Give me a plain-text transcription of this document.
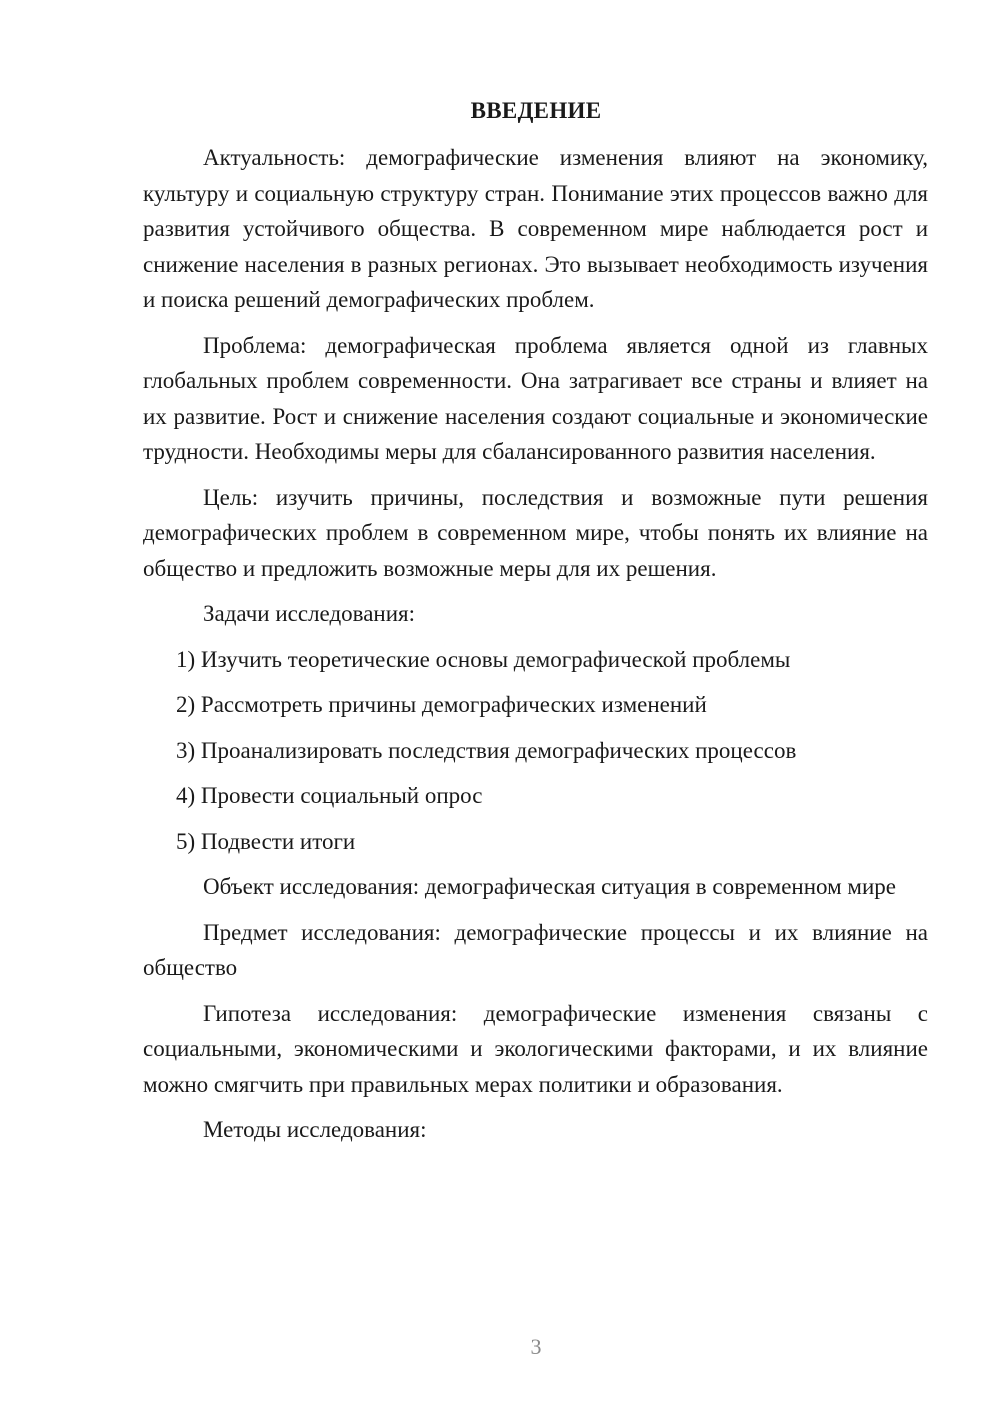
ВВЕДЕНИЕ

Актуальность: демографические изменения влияют на экономику, культуру и социальную структуру стран. Понимание этих процессов важно для развития устойчивого общества. В современном мире наблюдается рост и снижение населения в разных регионах. Это вызывает необходимость изучения и поиска решений демографических проблем.

Проблема: демографическая проблема является одной из главных глобальных проблем современности. Она затрагивает все страны и влияет на их развитие. Рост и снижение населения создают социальные и экономические трудности. Необходимы меры для сбалансированного развития населения.

Цель: изучить причины, последствия и возможные пути решения демографических проблем в современном мире, чтобы понять их влияние на общество и предложить возможные меры для их решения.

Задачи исследования:

1) Изучить теоретические основы демографической проблемы

2) Рассмотреть причины демографических изменений

3) Проанализировать последствия демографических процессов

4) Провести социальный опрос

5) Подвести итоги

Объект исследования: демографическая ситуация в современном мире

Предмет исследования: демографические процессы и их влияние на общество

Гипотеза исследования: демографические изменения связаны с социальными, экономическими и экологическими факторами, и их влияние можно смягчить при правильных мерах политики и образования.

Методы исследования:

3
